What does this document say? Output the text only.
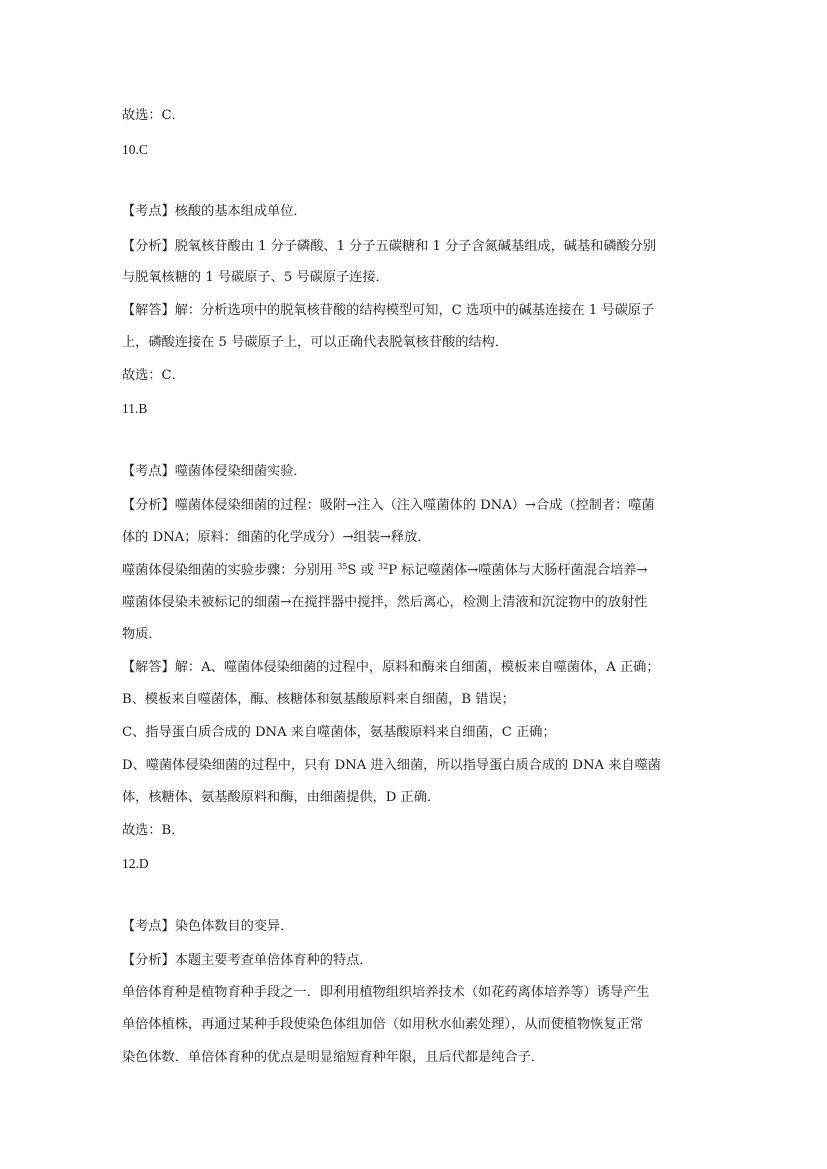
故选：C．
10.C
【考点】核酸的基本组成单位．
【分析】脱氧核苷酸由 1 分子磷酸、1 分子五碳糖和 1 分子含氮碱基组成，碱基和磷酸分别
与脱氧核糖的 1 号碳原子、5 号碳原子连接．
【解答】解：分析选项中的脱氧核苷酸的结构模型可知，C 选项中的碱基连接在 1 号碳原子
上，磷酸连接在 5 号碳原子上，可以正确代表脱氧核苷酸的结构．
故选：C．
11.B
【考点】噬菌体侵染细菌实验．
【分析】噬菌体侵染细菌的过程：吸附→注入（注入噬菌体的 DNA）→合成（控制者：噬菌
体的 DNA；原料：细菌的化学成分）→组装→释放．
噬菌体侵染细菌的实验步骤：分别用 $^{35}$S 或 $^{32}$P 标记噬菌体→噬菌体与大肠杆菌混合培养→
噬菌体侵染未被标记的细菌→在搅拌器中搅拌，然后离心，检测上清液和沉淀物中的放射性
物质．
【解答】解：A、噬菌体侵染细菌的过程中，原料和酶来自细菌，模板来自噬菌体，A 正确；
B、模板来自噬菌体，酶、核糖体和氨基酸原料来自细菌，B 错误；
C、指导蛋白质合成的 DNA 来自噬菌体，氨基酸原料来自细菌，C 正确；
D、噬菌体侵染细菌的过程中，只有 DNA 进入细菌，所以指导蛋白质合成的 DNA 来自噬菌
体，核糖体、氨基酸原料和酶，由细菌提供，D 正确．
故选：B．
12.D
【考点】染色体数目的变异．
【分析】本题主要考查单倍体育种的特点．
单倍体育种是植物育种手段之一．即利用植物组织培养技术（如花药离体培养等）诱导产生
单倍体植株，再通过某种手段使染色体组加倍（如用秋水仙素处理），从而使植物恢复正常
染色体数．单倍体育种的优点是明显缩短育种年限，且后代都是纯合子．
